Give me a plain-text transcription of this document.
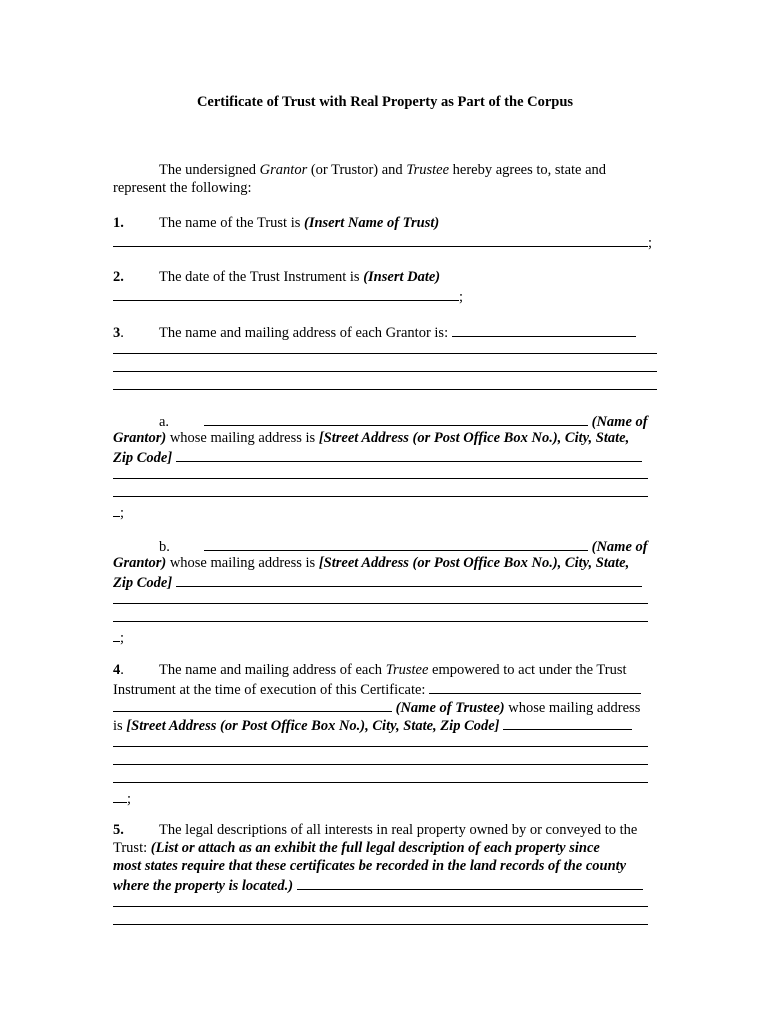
Certificate of Trust with Real Property as Part of the Corpus
The undersigned Grantor (or Trustor) and Trustee hereby agrees to, state and
represent the following:
1. The name of the Trust is (Insert Name of Trust)
;
2. The date of the Trust Instrument is (Insert Date)
;
3. The name and mailing address of each Grantor is:
a.	(Name of
Grantor) whose mailing address is [Street Address (or Post Office Box No.), City, State,
Zip Code]
;
b.	(Name of
Grantor) whose mailing address is [Street Address (or Post Office Box No.), City, State,
Zip Code]
;
4. The name and mailing address of each Trustee empowered to act under the Trust
Instrument at the time of execution of this Certificate:
(Name of Trustee) whose mailing address
is [Street Address (or Post Office Box No.), City, State, Zip Code]
;
5. The legal descriptions of all interests in real property owned by or conveyed to the
Trust: (List or attach as an exhibit the full legal description of each property since
most states require that these certificates be recorded in the land records of the county
where the property is located.)
